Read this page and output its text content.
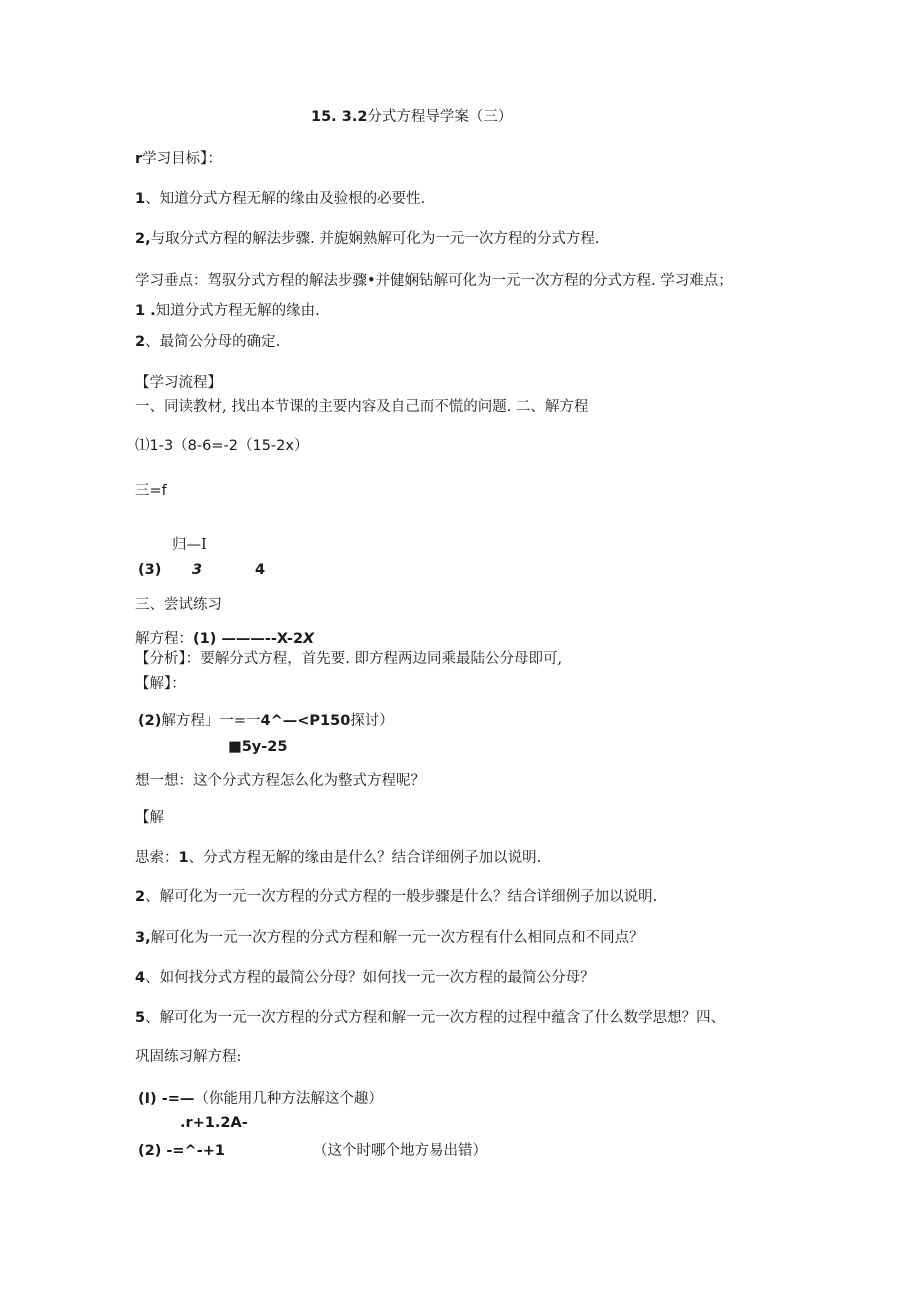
15. 3.2分式方程导学案（三）
r学习目标】：
1、知道分式方程无解的缘由及验根的必要性.
2,与取分式方程的解法步骤. 并旎娴熟解可化为一元一次方程的分式方程.
学习垂点：驾驭分式方程的解法步骤•并健娴钻解可化为一元一次方程的分式方程. 学习难点；
1 .知道分式方程无解的缘由.
2、最简公分母的确定.
【学习流程】
一、同读教材, 找出本节课的主要内容及自己而不慌的问题. 二、解方程
⑴1-3（8-6=-2（15-2x）
三=f
归—I
(3) 3	4
三、尝试练习
解方程：(1) ———--X-2X
【分析】：要解分式方程，首先要. 即方程两边同乘最陆公分母即可,
【解】：
(2)解方程」一=一4^—<P150探讨）
■5y-25
想一想：这个分式方程怎么化为整式方程呢？
【解
思索：1、分式方程无解的缘由是什么？结合详细例子加以说明.
2、解可化为一元一次方程的分式方程的一般步骤是什么？结合详细例子加以说明.
3,解可化为一元一次方程的分式方程和解一元一次方程有什么相同点和不同点？
4、如何找分式方程的最简公分母？如何找一元一次方程的最简公分母？
5、解可化为一元一次方程的分式方程和解一元一次方程的过程中蕴含了什么数学思想？四、
巩固练习解方程:
(I) -=—（你能用几种方法解这个趣）
.r+1.2A-
(2) -=^-+1	（这个时哪个地方易出错）
